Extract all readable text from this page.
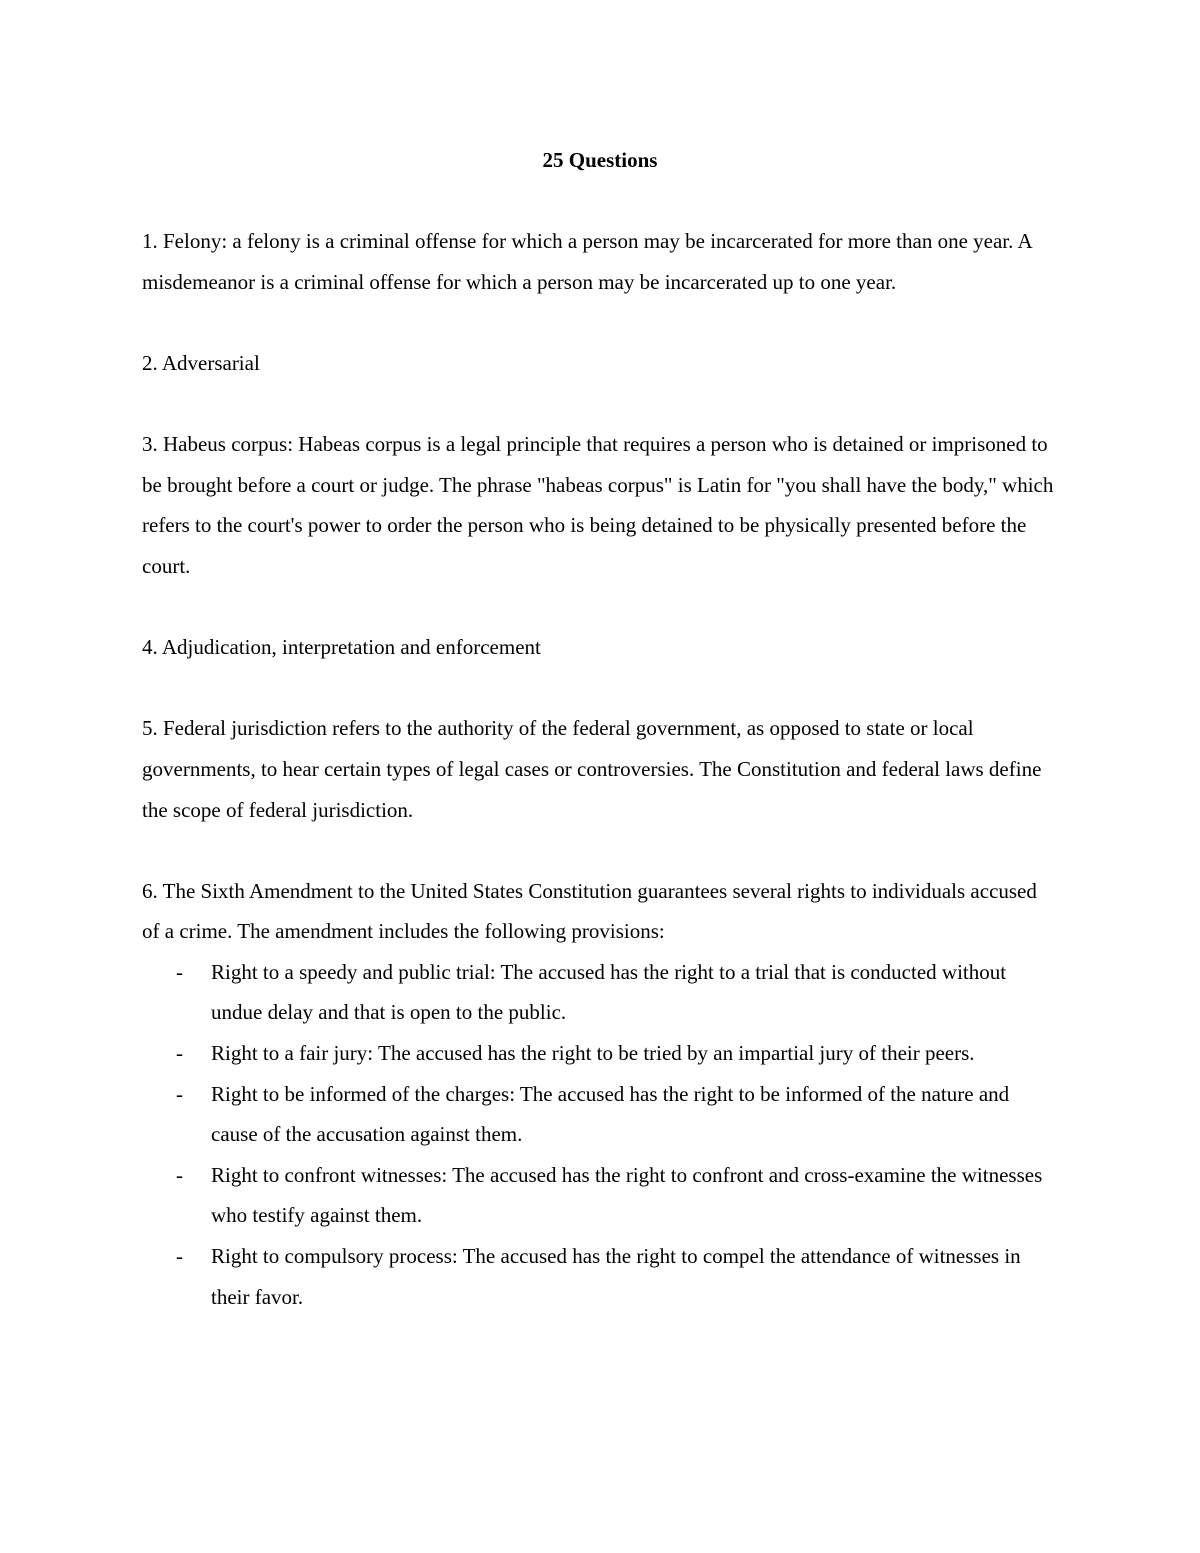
25 Questions

1. Felony: a felony is a criminal offense for which a person may be incarcerated for more than one year. A misdemeanor is a criminal offense for which a person may be incarcerated up to one year.

2. Adversarial

3. Habeus corpus: Habeas corpus is a legal principle that requires a person who is detained or imprisoned to be brought before a court or judge. The phrase "habeas corpus" is Latin for "you shall have the body," which refers to the court's power to order the person who is being detained to be physically presented before the court.

4. Adjudication, interpretation and enforcement

5. Federal jurisdiction refers to the authority of the federal government, as opposed to state or local governments, to hear certain types of legal cases or controversies. The Constitution and federal laws define the scope of federal jurisdiction.

6. The Sixth Amendment to the United States Constitution guarantees several rights to individuals accused of a crime. The amendment includes the following provisions:

- Right to a speedy and public trial: The accused has the right to a trial that is conducted without undue delay and that is open to the public.
- Right to a fair jury: The accused has the right to be tried by an impartial jury of their peers.
- Right to be informed of the charges: The accused has the right to be informed of the nature and cause of the accusation against them.
- Right to confront witnesses: The accused has the right to confront and cross-examine the witnesses who testify against them.
- Right to compulsory process: The accused has the right to compel the attendance of witnesses in their favor.
